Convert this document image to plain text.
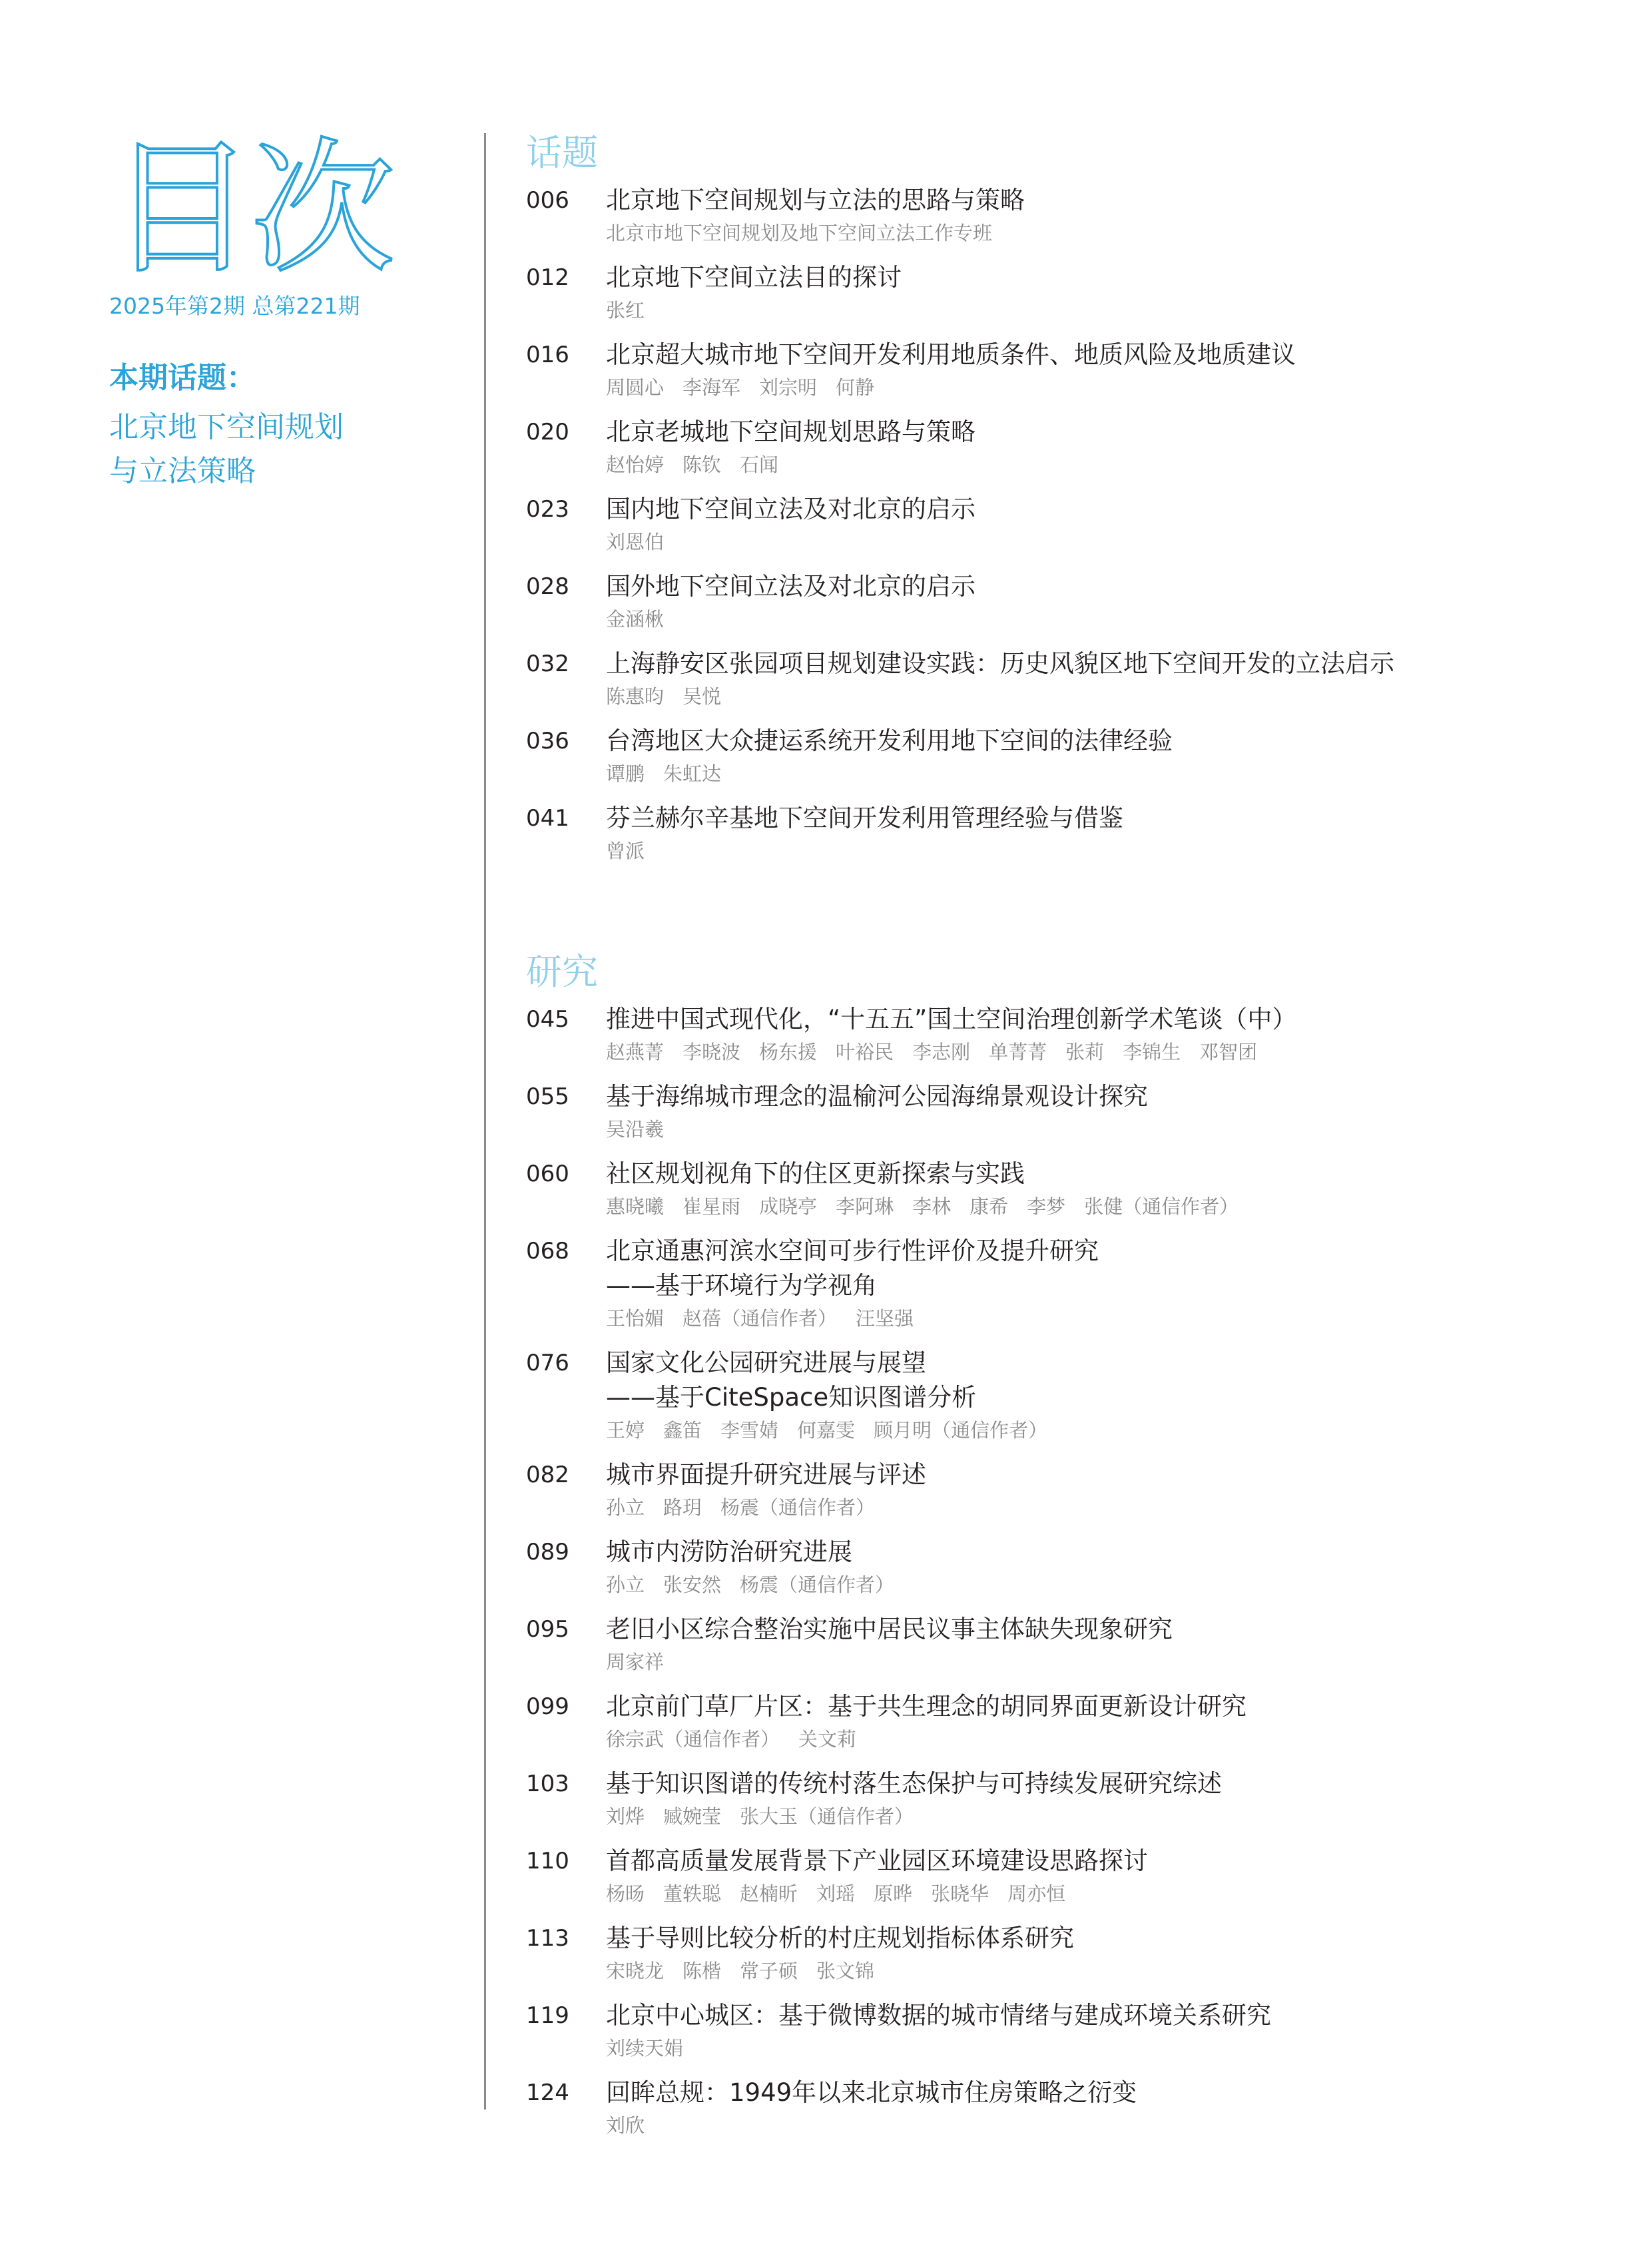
目次
2025年第2期 总第221期
本期话题：
北京地下空间规划
与立法策略
话题
006 北京地下空间规划与立法的思路与策略
北京市地下空间规划及地下空间立法工作专班
012 北京地下空间立法目的探讨
张红
016 北京超大城市地下空间开发利用地质条件、地质风险及地质建议
周圆心 李海军 刘宗明 何静
020 北京老城地下空间规划思路与策略
赵怡婷 陈钦 石闻
023 国内地下空间立法及对北京的启示
刘恩伯
028 国外地下空间立法及对北京的启示
金涵楸
032 上海静安区张园项目规划建设实践：历史风貌区地下空间开发的立法启示
陈惠昀 吴悦
036 台湾地区大众捷运系统开发利用地下空间的法律经验
谭鹏 朱虹达
041 芬兰赫尔辛基地下空间开发利用管理经验与借鉴
曾派
研究
045 推进中国式现代化，“十五五”国土空间治理创新学术笔谈（中）
赵燕菁 李晓波 杨东援 叶裕民 李志刚 单菁菁 张莉 李锦生 邓智团
055 基于海绵城市理念的温榆河公园海绵景观设计探究
吴沿羲
060 社区规划视角下的住区更新探索与实践
惠晓曦 崔星雨 成晓亭 李阿琳 李林 康希 李梦 张健（通信作者）
068 北京通惠河滨水空间可步行性评价及提升研究
——基于环境行为学视角
王怡媚 赵蓓（通信作者） 汪坚强
076 国家文化公园研究进展与展望
——基于CiteSpace知识图谱分析
王婷 鑫笛 李雪婧 何嘉雯 顾月明（通信作者）
082 城市界面提升研究进展与评述
孙立 路玥 杨震（通信作者）
089 城市内涝防治研究进展
孙立 张安然 杨震（通信作者）
095 老旧小区综合整治实施中居民议事主体缺失现象研究
周家祥
099 北京前门草厂片区：基于共生理念的胡同界面更新设计研究
徐宗武（通信作者） 关文莉
103 基于知识图谱的传统村落生态保护与可持续发展研究综述
刘烨 臧婉莹 张大玉（通信作者）
110 首都高质量发展背景下产业园区环境建设思路探讨
杨旸 董轶聪 赵楠昕 刘瑶 原晔 张晓华 周亦恒
113 基于导则比较分析的村庄规划指标体系研究
宋晓龙 陈楷 常子硕 张文锦
119 北京中心城区：基于微博数据的城市情绪与建成环境关系研究
刘续天娟
124 回眸总规：1949年以来北京城市住房策略之衍变
刘欣
